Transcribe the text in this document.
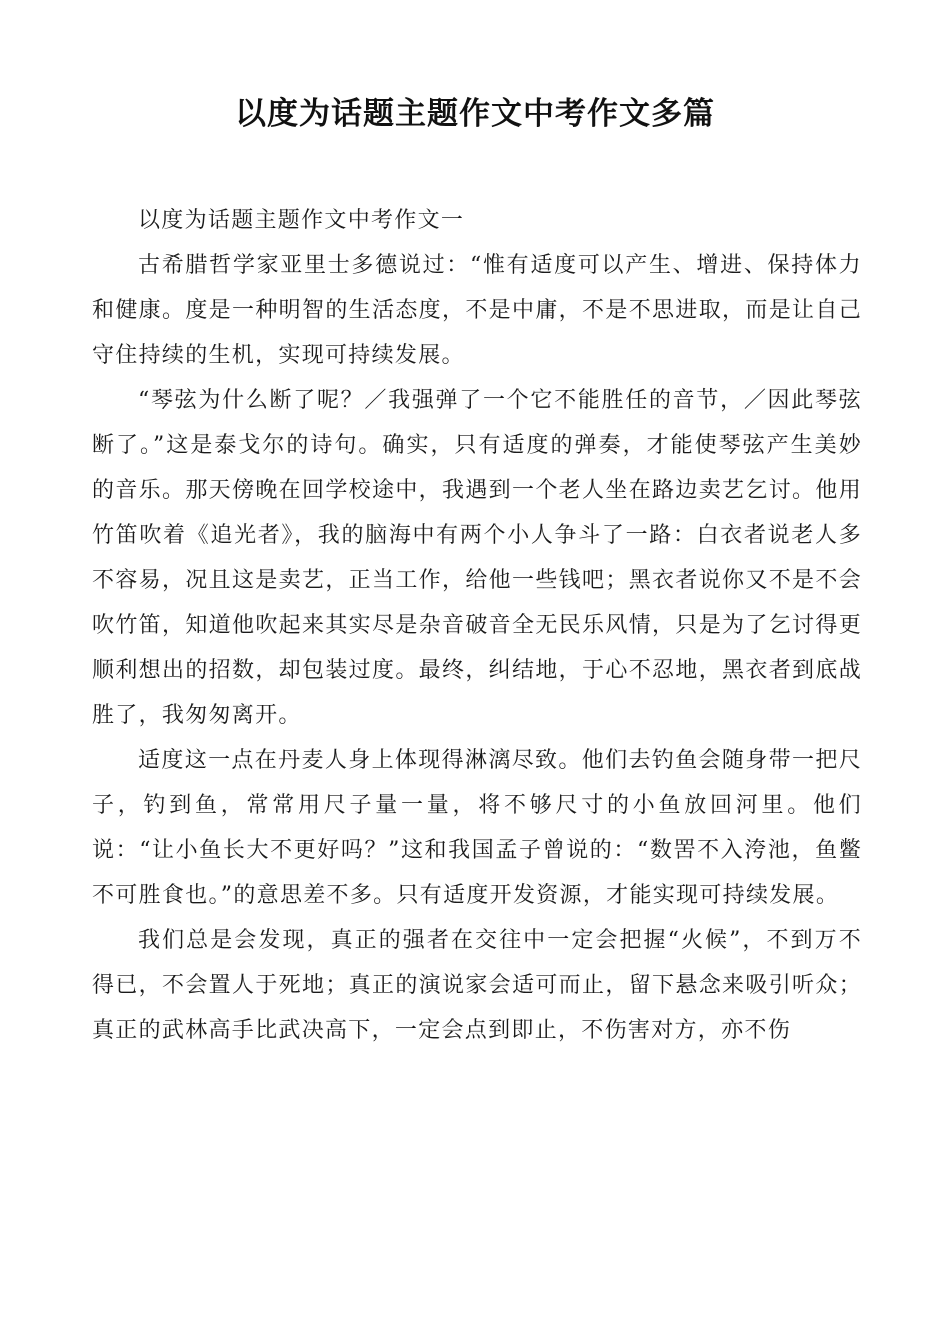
以度为话题主题作文中考作文多篇

以度为话题主题作文中考作文一

古希腊哲学家亚里士多德说过：“惟有适度可以产生、增进、保持体力和健康。度是一种明智的生活态度，不是中庸，不是不思进取，而是让自己守住持续的生机，实现可持续发展。

“琴弦为什么断了呢？／我强弹了一个它不能胜任的音节，／因此琴弦断了。”这是泰戈尔的诗句。确实，只有适度的弹奏，才能使琴弦产生美妙的音乐。那天傍晚在回学校途中，我遇到一个老人坐在路边卖艺乞讨。他用竹笛吹着《追光者》，我的脑海中有两个小人争斗了一路：白衣者说老人多不容易，况且这是卖艺，正当工作，给他一些钱吧；黑衣者说你又不是不会吹竹笛，知道他吹起来其实尽是杂音破音全无民乐风情，只是为了乞讨得更顺利想出的招数，却包装过度。最终，纠结地，于心不忍地，黑衣者到底战胜了，我匆匆离开。

适度这一点在丹麦人身上体现得淋漓尽致。他们去钓鱼会随身带一把尺子，钓到鱼，常常用尺子量一量，将不够尺寸的小鱼放回河里。他们说：“让小鱼长大不更好吗？”这和我国孟子曾说的：“数罟不入洿池，鱼鳖不可胜食也。”的意思差不多。只有适度开发资源，才能实现可持续发展。

我们总是会发现，真正的强者在交往中一定会把握“火候”，不到万不得已，不会置人于死地；真正的演说家会适可而止，留下悬念来吸引听众；真正的武林高手比武决高下，一定会点到即止，不伤害对方，亦不伤
